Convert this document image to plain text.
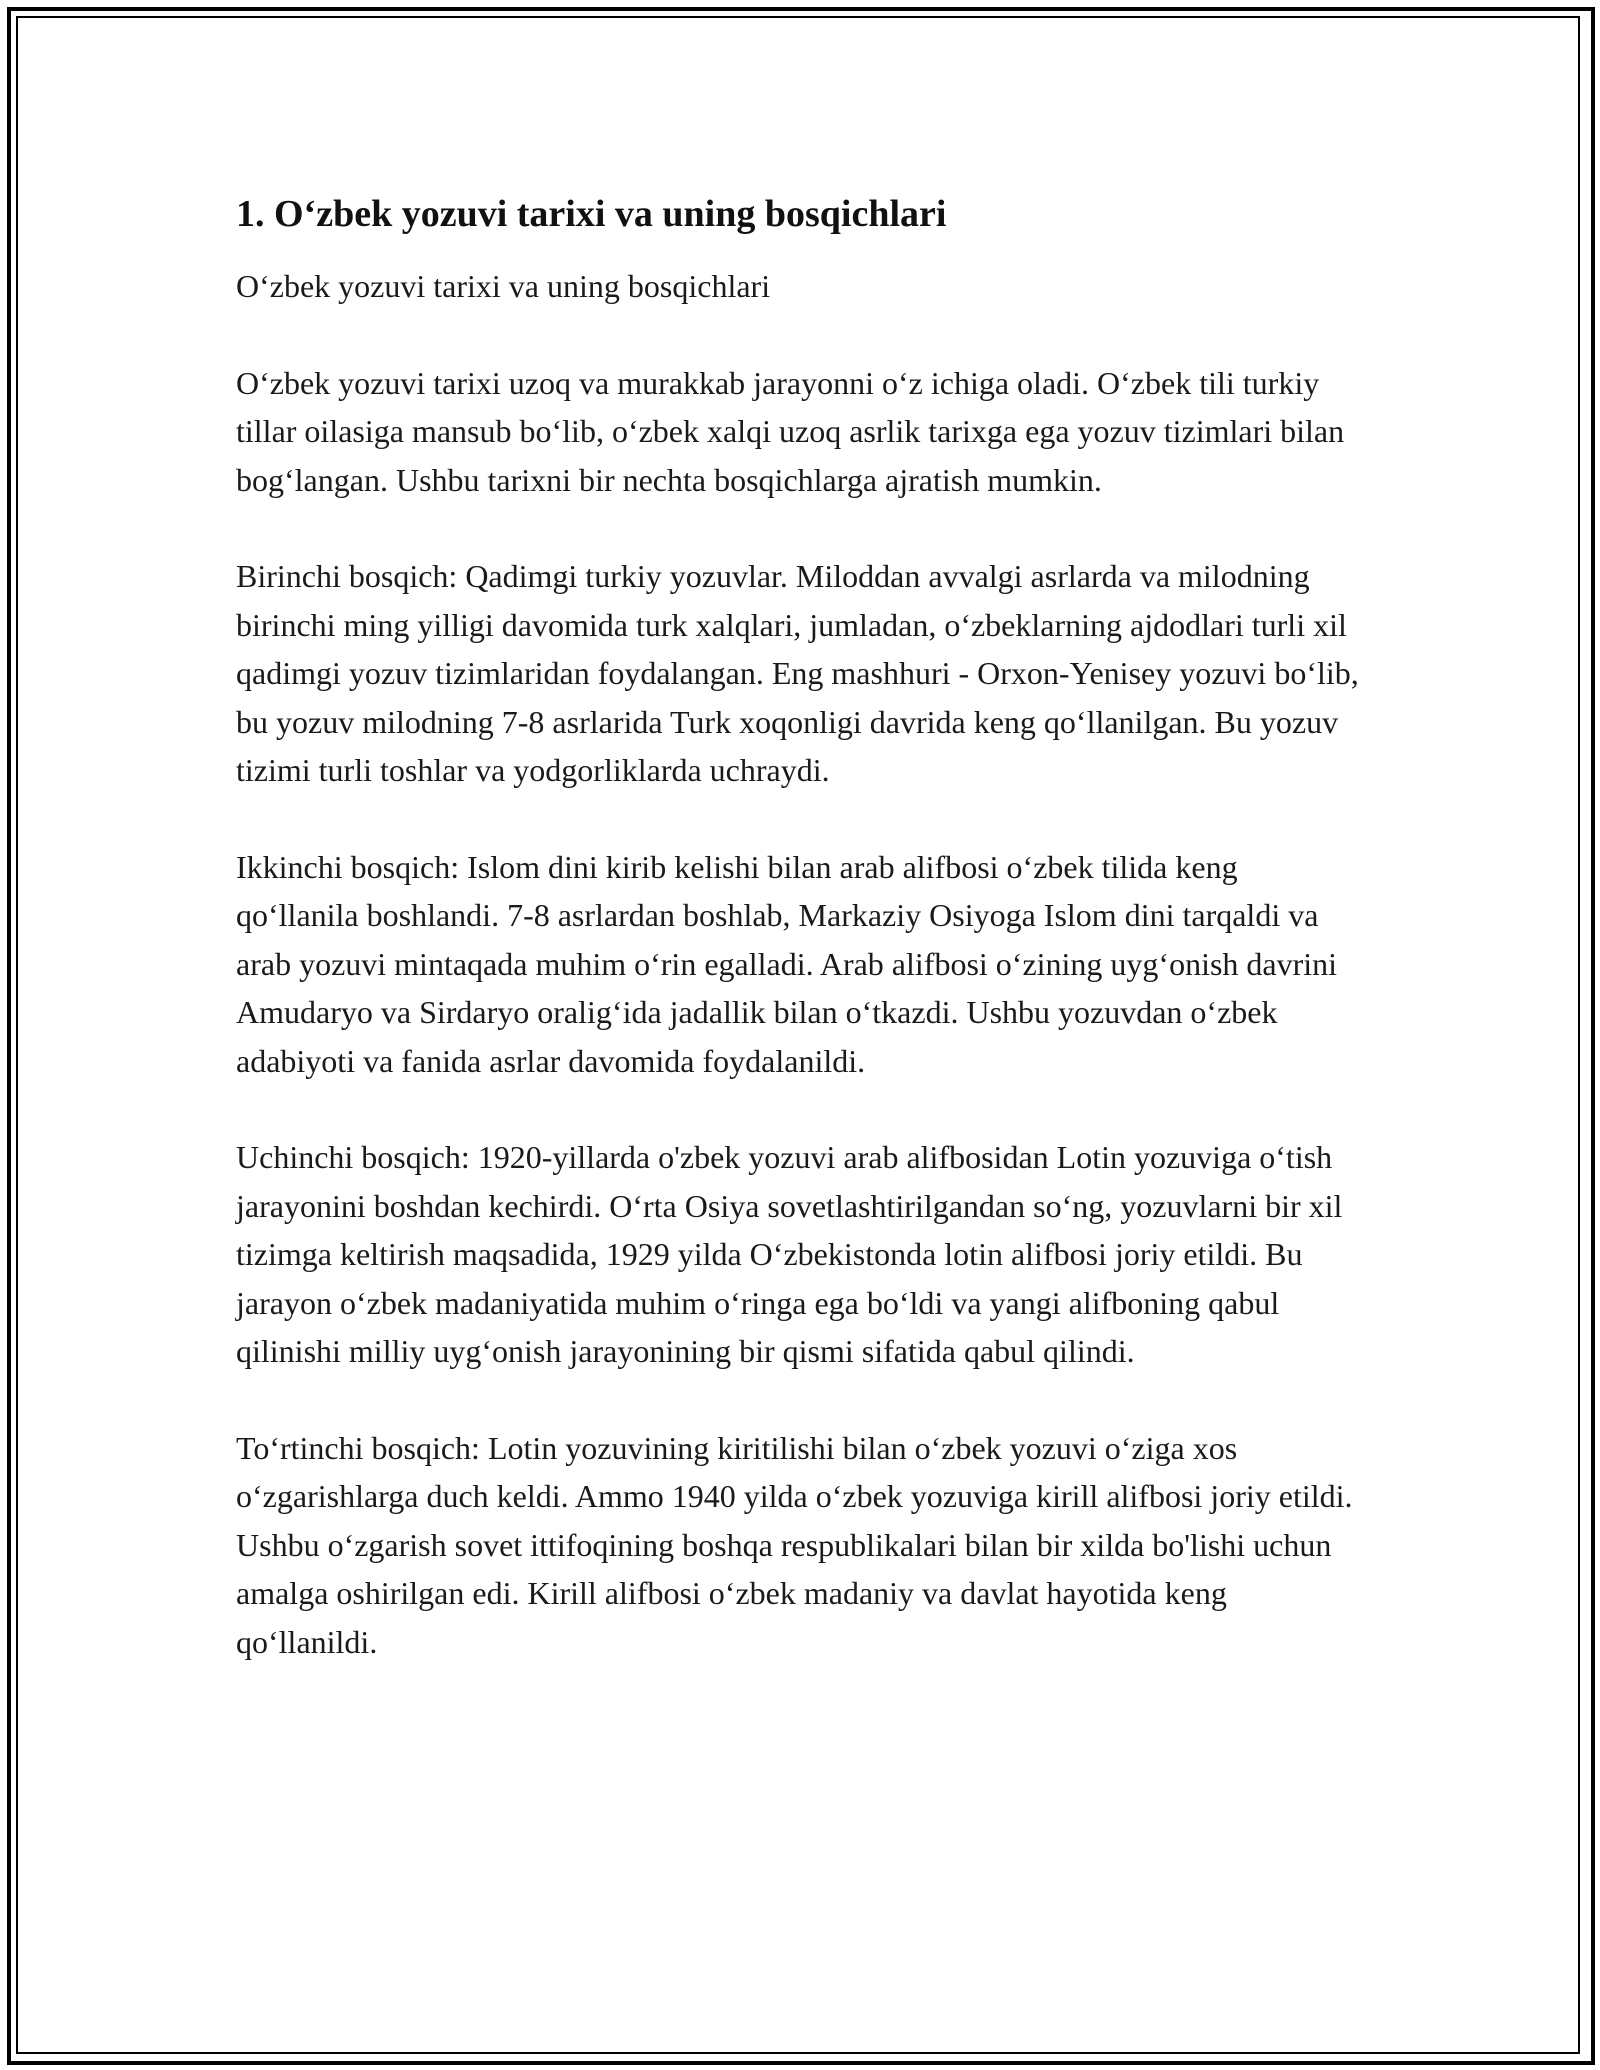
1. O‘zbek yozuvi tarixi va uning bosqichlari

O‘zbek yozuvi tarixi va uning bosqichlari

O‘zbek yozuvi tarixi uzoq va murakkab jarayonni o‘z ichiga oladi. O‘zbek tili turkiy tillar oilasiga mansub bo‘lib, o‘zbek xalqi uzoq asrlik tarixga ega yozuv tizimlari bilan bog‘langan. Ushbu tarixni bir nechta bosqichlarga ajratish mumkin.

Birinchi bosqich: Qadimgi turkiy yozuvlar. Miloddan avvalgi asrlarda va milodning birinchi ming yilligi davomida turk xalqlari, jumladan, o‘zbeklarning ajdodlari turli xil qadimgi yozuv tizimlaridan foydalangan. Eng mashhuri - Orxon-Yenisey yozuvi bo‘lib, bu yozuv milodning 7-8 asrlarida Turk xoqonligi davrida keng qo‘llanilgan. Bu yozuv tizimi turli toshlar va yodgorliklarda uchraydi.

Ikkinchi bosqich: Islom dini kirib kelishi bilan arab alifbosi o‘zbek tilida keng qo‘llanila boshlandi. 7-8 asrlardan boshlab, Markaziy Osiyoga Islom dini tarqaldi va arab yozuvi mintaqada muhim o‘rin egalladi. Arab alifbosi o‘zining uyg‘onish davrini Amudaryo va Sirdaryo oralig‘ida jadallik bilan o‘tkazdi. Ushbu yozuvdan o‘zbek adabiyoti va fanida asrlar davomida foydalanildi.

Uchinchi bosqich: 1920-yillarda o'zbek yozuvi arab alifbosidan Lotin yozuviga o‘tish jarayonini boshdan kechirdi. O‘rta Osiya sovetlashtirilgandan so‘ng, yozuvlarni bir xil tizimga keltirish maqsadida, 1929 yilda O‘zbekistonda lotin alifbosi joriy etildi. Bu jarayon o‘zbek madaniyatida muhim o‘ringa ega bo‘ldi va yangi alifboning qabul qilinishi milliy uyg‘onish jarayonining bir qismi sifatida qabul qilindi.

To‘rtinchi bosqich: Lotin yozuvining kiritilishi bilan o‘zbek yozuvi o‘ziga xos o‘zgarishlarga duch keldi. Ammo 1940 yilda o‘zbek yozuviga kirill alifbosi joriy etildi. Ushbu o‘zgarish sovet ittifoqining boshqa respublikalari bilan bir xilda bo'lishi uchun amalga oshirilgan edi. Kirill alifbosi o‘zbek madaniy va davlat hayotida keng qo‘llanildi.
